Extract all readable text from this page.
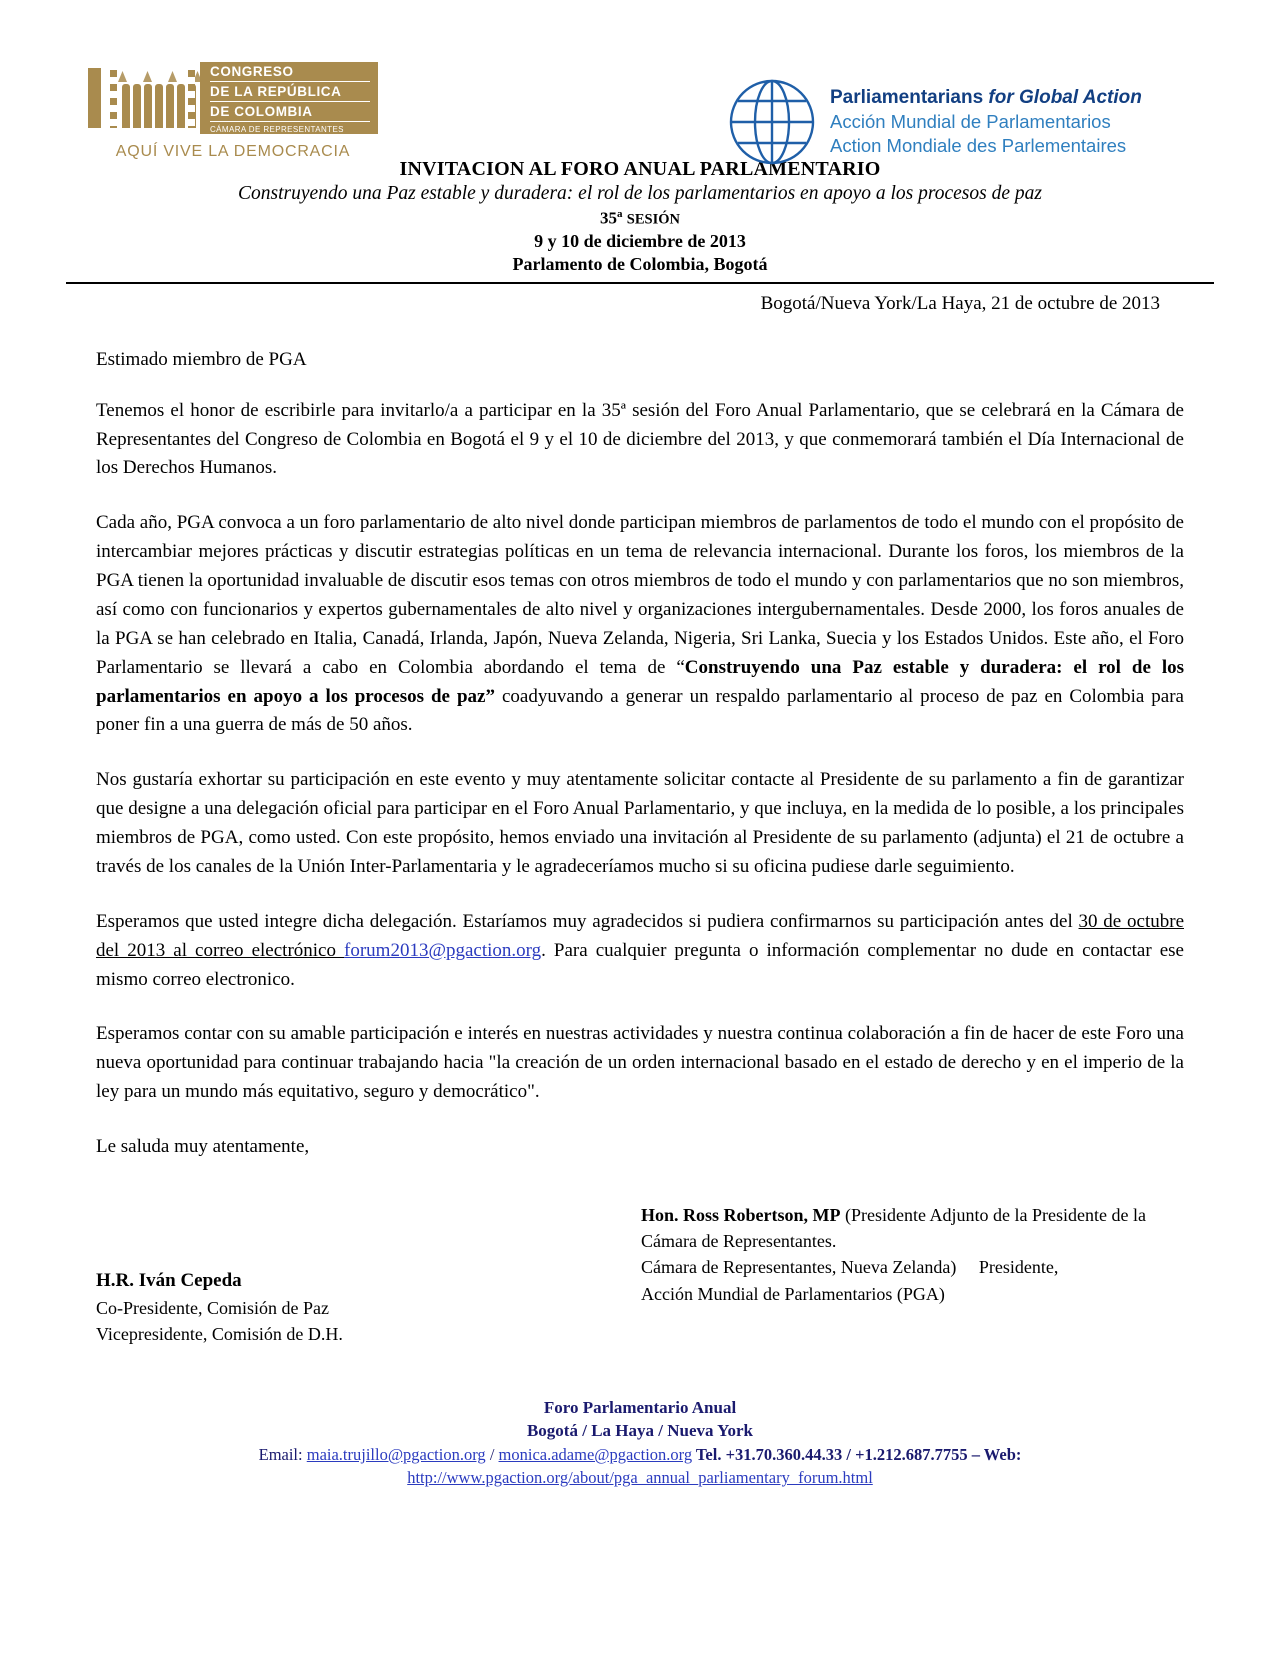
CONGRESO
DE LA REPÚBLICA
DE COLOMBIA
CÁMARA DE REPRESENTANTES
AQUÍ VIVE LA DEMOCRACIA
Parliamentarians for Global Action
Acción Mundial de Parlamentarios
Action Mondiale des Parlementaires
INVITACION AL FORO ANUAL PARLAMENTARIO
Construyendo una Paz estable y duradera: el rol de los parlamentarios en apoyo a los procesos de paz
35$^a$ SESIÓN
9 y 10 de diciembre de 2013
Parlamento de Colombia, Bogotá
Bogotá/Nueva York/La Haya, 21 de octubre de 2013
Estimado miembro de PGA

Tenemos el honor de escribirle para invitarlo/a a participar en la 35ª sesión del Foro Anual Parlamentario, que se celebrará en la Cámara de Representantes del Congreso de Colombia en Bogotá el 9 y el 10 de diciembre del 2013, y que conmemorará también el Día Internacional de los Derechos Humanos.

Cada año, PGA convoca a un foro parlamentario de alto nivel donde participan miembros de parlamentos de todo el mundo con el propósito de intercambiar mejores prácticas y discutir estrategias políticas en un tema de relevancia internacional. Durante los foros, los miembros de la PGA tienen la oportunidad invaluable de discutir esos temas con otros miembros de todo el mundo y con parlamentarios que no son miembros, así como con funcionarios y expertos gubernamentales de alto nivel y organizaciones intergubernamentales. Desde 2000, los foros anuales de la PGA se han celebrado en Italia, Canadá, Irlanda, Japón, Nueva Zelanda, Nigeria, Sri Lanka, Suecia y los Estados Unidos. Este año, el Foro Parlamentario se llevará a cabo en Colombia abordando el tema de “Construyendo una Paz estable y duradera: el rol de los parlamentarios en apoyo a los procesos de paz” coadyuvando a generar un respaldo parlamentario al proceso de paz en Colombia para poner fin a una guerra de más de 50 años.

Nos gustaría exhortar su participación en este evento y muy atentamente solicitar contacte al Presidente de su parlamento a fin de garantizar que designe a una delegación oficial para participar en el Foro Anual Parlamentario, y que incluya, en la medida de lo posible, a los principales miembros de PGA, como usted. Con este propósito, hemos enviado una invitación al Presidente de su parlamento (adjunta) el 21 de octubre a través de los canales de la Unión Inter-Parlamentaria y le agradeceríamos mucho si su oficina pudiese darle seguimiento.

Esperamos que usted integre dicha delegación. Estaríamos muy agradecidos si pudiera confirmarnos su participación antes del 30 de octubre del 2013 al correo electrónico forum2013@pgaction.org. Para cualquier pregunta o información complementar no dude en contactar ese mismo correo electronico.

Esperamos contar con su amable participación e interés en nuestras actividades y nuestra continua colaboración a fin de hacer de este Foro una nueva oportunidad para continuar trabajando hacia "la creación de un orden internacional basado en el estado de derecho y en el imperio de la ley para un mundo más equitativo, seguro y democrático".

Le saluda muy atentamente,

Hon. Ross Robertson, MP (Presidente Adjunto de la Presidente de la Cámara de Representantes.
Cámara de Representantes, Nueva Zelanda) Presidente,
Acción Mundial de Parlamentarios (PGA)
H.R. Iván Cepeda
Co-Presidente, Comisión de Paz
Vicepresidente, Comisión de D.H.
Foro Parlamentario Anual
Bogotá / La Haya / Nueva York
Email: maia.trujillo@pgaction.org / monica.adame@pgaction.org Tel. +31.70.360.44.33 / +1.212.687.7755 – Web:
http://www.pgaction.org/about/pga_annual_parliamentary_forum.html
